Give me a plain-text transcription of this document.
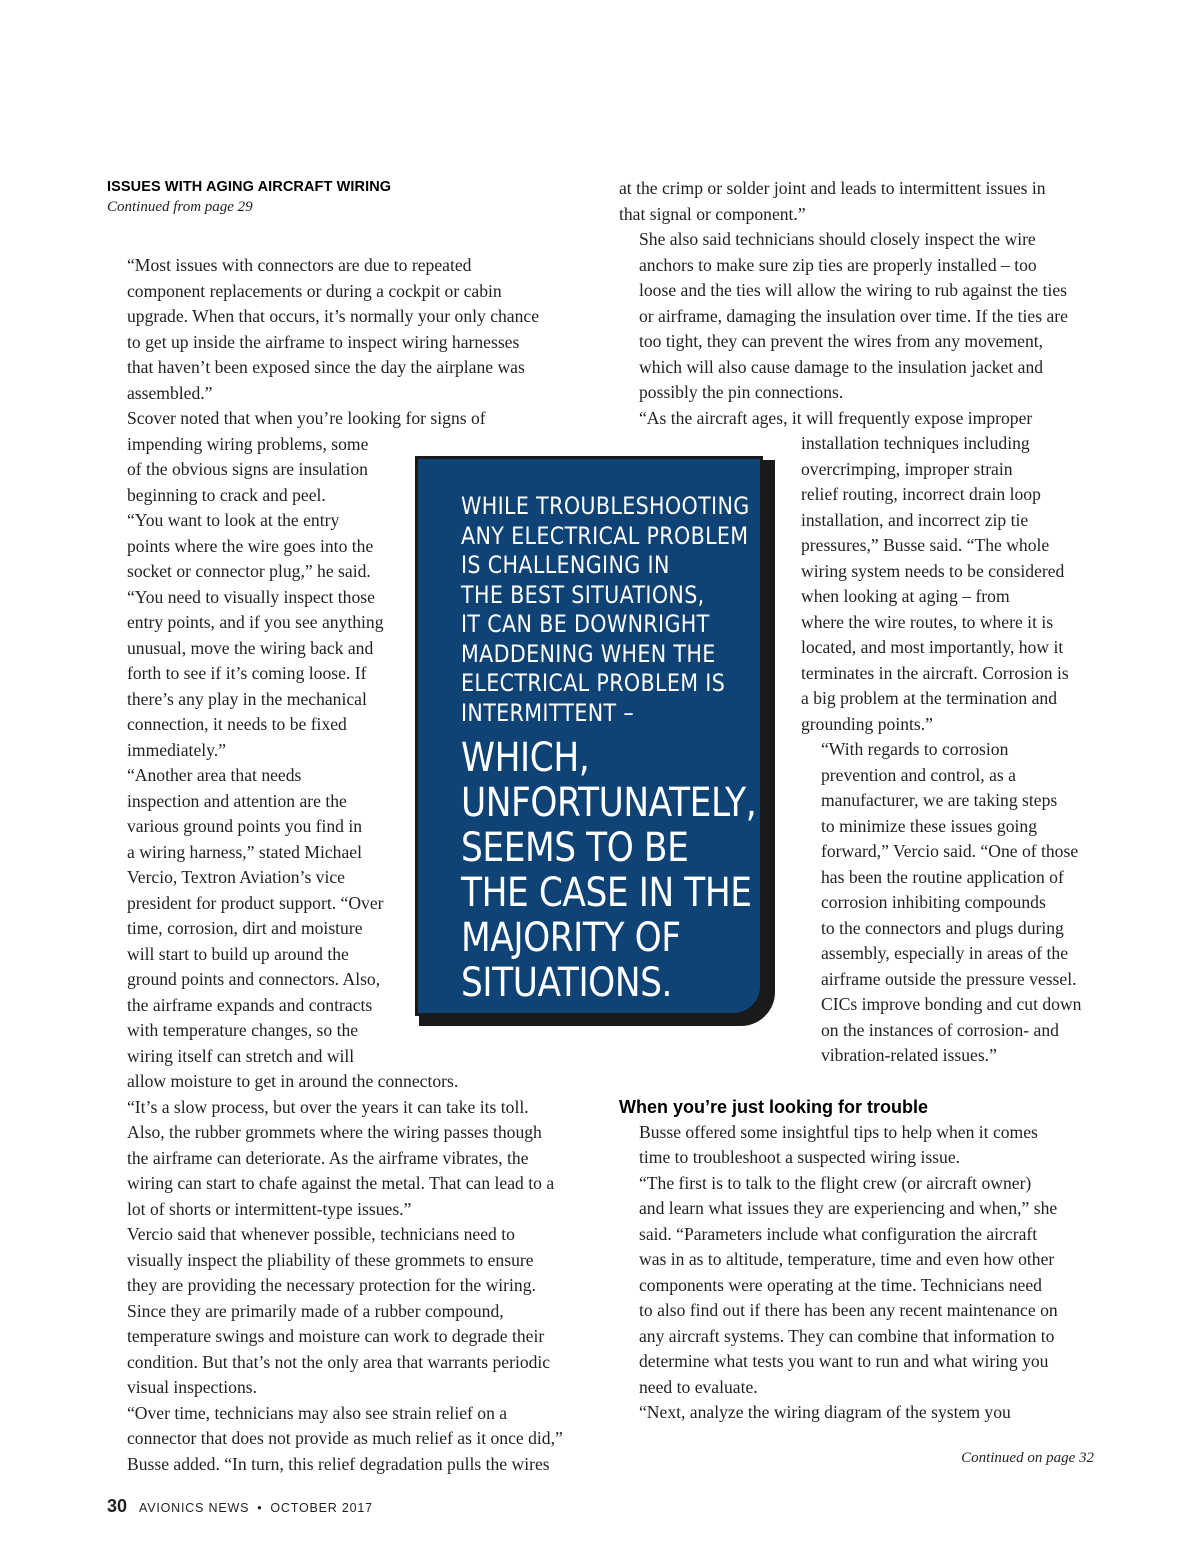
ISSUES WITH AGING AIRCRAFT WIRING
Continued from page 29

“Most issues with connectors are due to repeated
component replacements or during a cockpit or cabin
upgrade. When that occurs, it’s normally your only chance
to get up inside the airframe to inspect wiring harnesses
that haven’t been exposed since the day the airplane was
assembled.”

Scover noted that when you’re looking for signs of
impending wiring problems, some
of the obvious signs are insulation
beginning to crack and peel.

“You want to look at the entry
points where the wire goes into the
socket or connector plug,” he said.
“You need to visually inspect those
entry points, and if you see anything
unusual, move the wiring back and
forth to see if it’s coming loose. If
there’s any play in the mechanical
connection, it needs to be fixed
immediately.”

“Another area that needs
inspection and attention are the
various ground points you find in
a wiring harness,” stated Michael
Vercio, Textron Aviation’s vice
president for product support. “Over
time, corrosion, dirt and moisture
will start to build up around the
ground points and connectors. Also,
the airframe expands and contracts
with temperature changes, so the
wiring itself can stretch and will
allow moisture to get in around the connectors.

“It’s a slow process, but over the years it can take its toll.
Also, the rubber grommets where the wiring passes though
the airframe can deteriorate. As the airframe vibrates, the
wiring can start to chafe against the metal. That can lead to a
lot of shorts or intermittent-type issues.”

Vercio said that whenever possible, technicians need to
visually inspect the pliability of these grommets to ensure
they are providing the necessary protection for the wiring.
Since they are primarily made of a rubber compound,
temperature swings and moisture can work to degrade their
condition. But that’s not the only area that warrants periodic
visual inspections.

“Over time, technicians may also see strain relief on a
connector that does not provide as much relief as it once did,”
Busse added. “In turn, this relief degradation pulls the wires

at the crimp or solder joint and leads to intermittent issues in
that signal or component.”

She also said technicians should closely inspect the wire
anchors to make sure zip ties are properly installed – too
loose and the ties will allow the wiring to rub against the ties
or airframe, damaging the insulation over time. If the ties are
too tight, they can prevent the wires from any movement,
which will also cause damage to the insulation jacket and
possibly the pin connections.

“As the aircraft ages, it will frequently expose improper

installation techniques including
overcrimping, improper strain
relief routing, incorrect drain loop
installation, and incorrect zip tie
pressures,” Busse said. “The whole
wiring system needs to be considered
when looking at aging – from
where the wire routes, to where it is
located, and most importantly, how it
terminates in the aircraft. Corrosion is
a big problem at the termination and
grounding points.”

“With regards to corrosion
prevention and control, as a
manufacturer, we are taking steps
to minimize these issues going
forward,” Vercio said. “One of those
has been the routine application of
corrosion inhibiting compounds
to the connectors and plugs during
assembly, especially in areas of the
airframe outside the pressure vessel.
CICs improve bonding and cut down
on the instances of corrosion- and
vibration-related issues.”

When you’re just looking for trouble

Busse offered some insightful tips to help when it comes
time to troubleshoot a suspected wiring issue.

“The first is to talk to the flight crew (or aircraft owner)
and learn what issues they are experiencing and when,” she
said. “Parameters include what configuration the aircraft
was in as to altitude, temperature, time and even how other
components were operating at the time. Technicians need
to also find out if there has been any recent maintenance on
any aircraft systems. They can combine that information to
determine what tests you want to run and what wiring you
need to evaluate.

“Next, analyze the wiring diagram of the system you

WHILE TROUBLESHOOTING
ANY ELECTRICAL PROBLEM
IS CHALLENGING IN
THE BEST SITUATIONS,
IT CAN BE DOWNRIGHT
MADDENING WHEN THE
ELECTRICAL PROBLEM IS
INTERMITTENT –
WHICH,
UNFORTUNATELY,
SEEMS TO BE
THE CASE IN THE
MAJORITY OF
SITUATIONS.
Continued on page 32
30 AVIONICS NEWS • OCTOBER 2017
